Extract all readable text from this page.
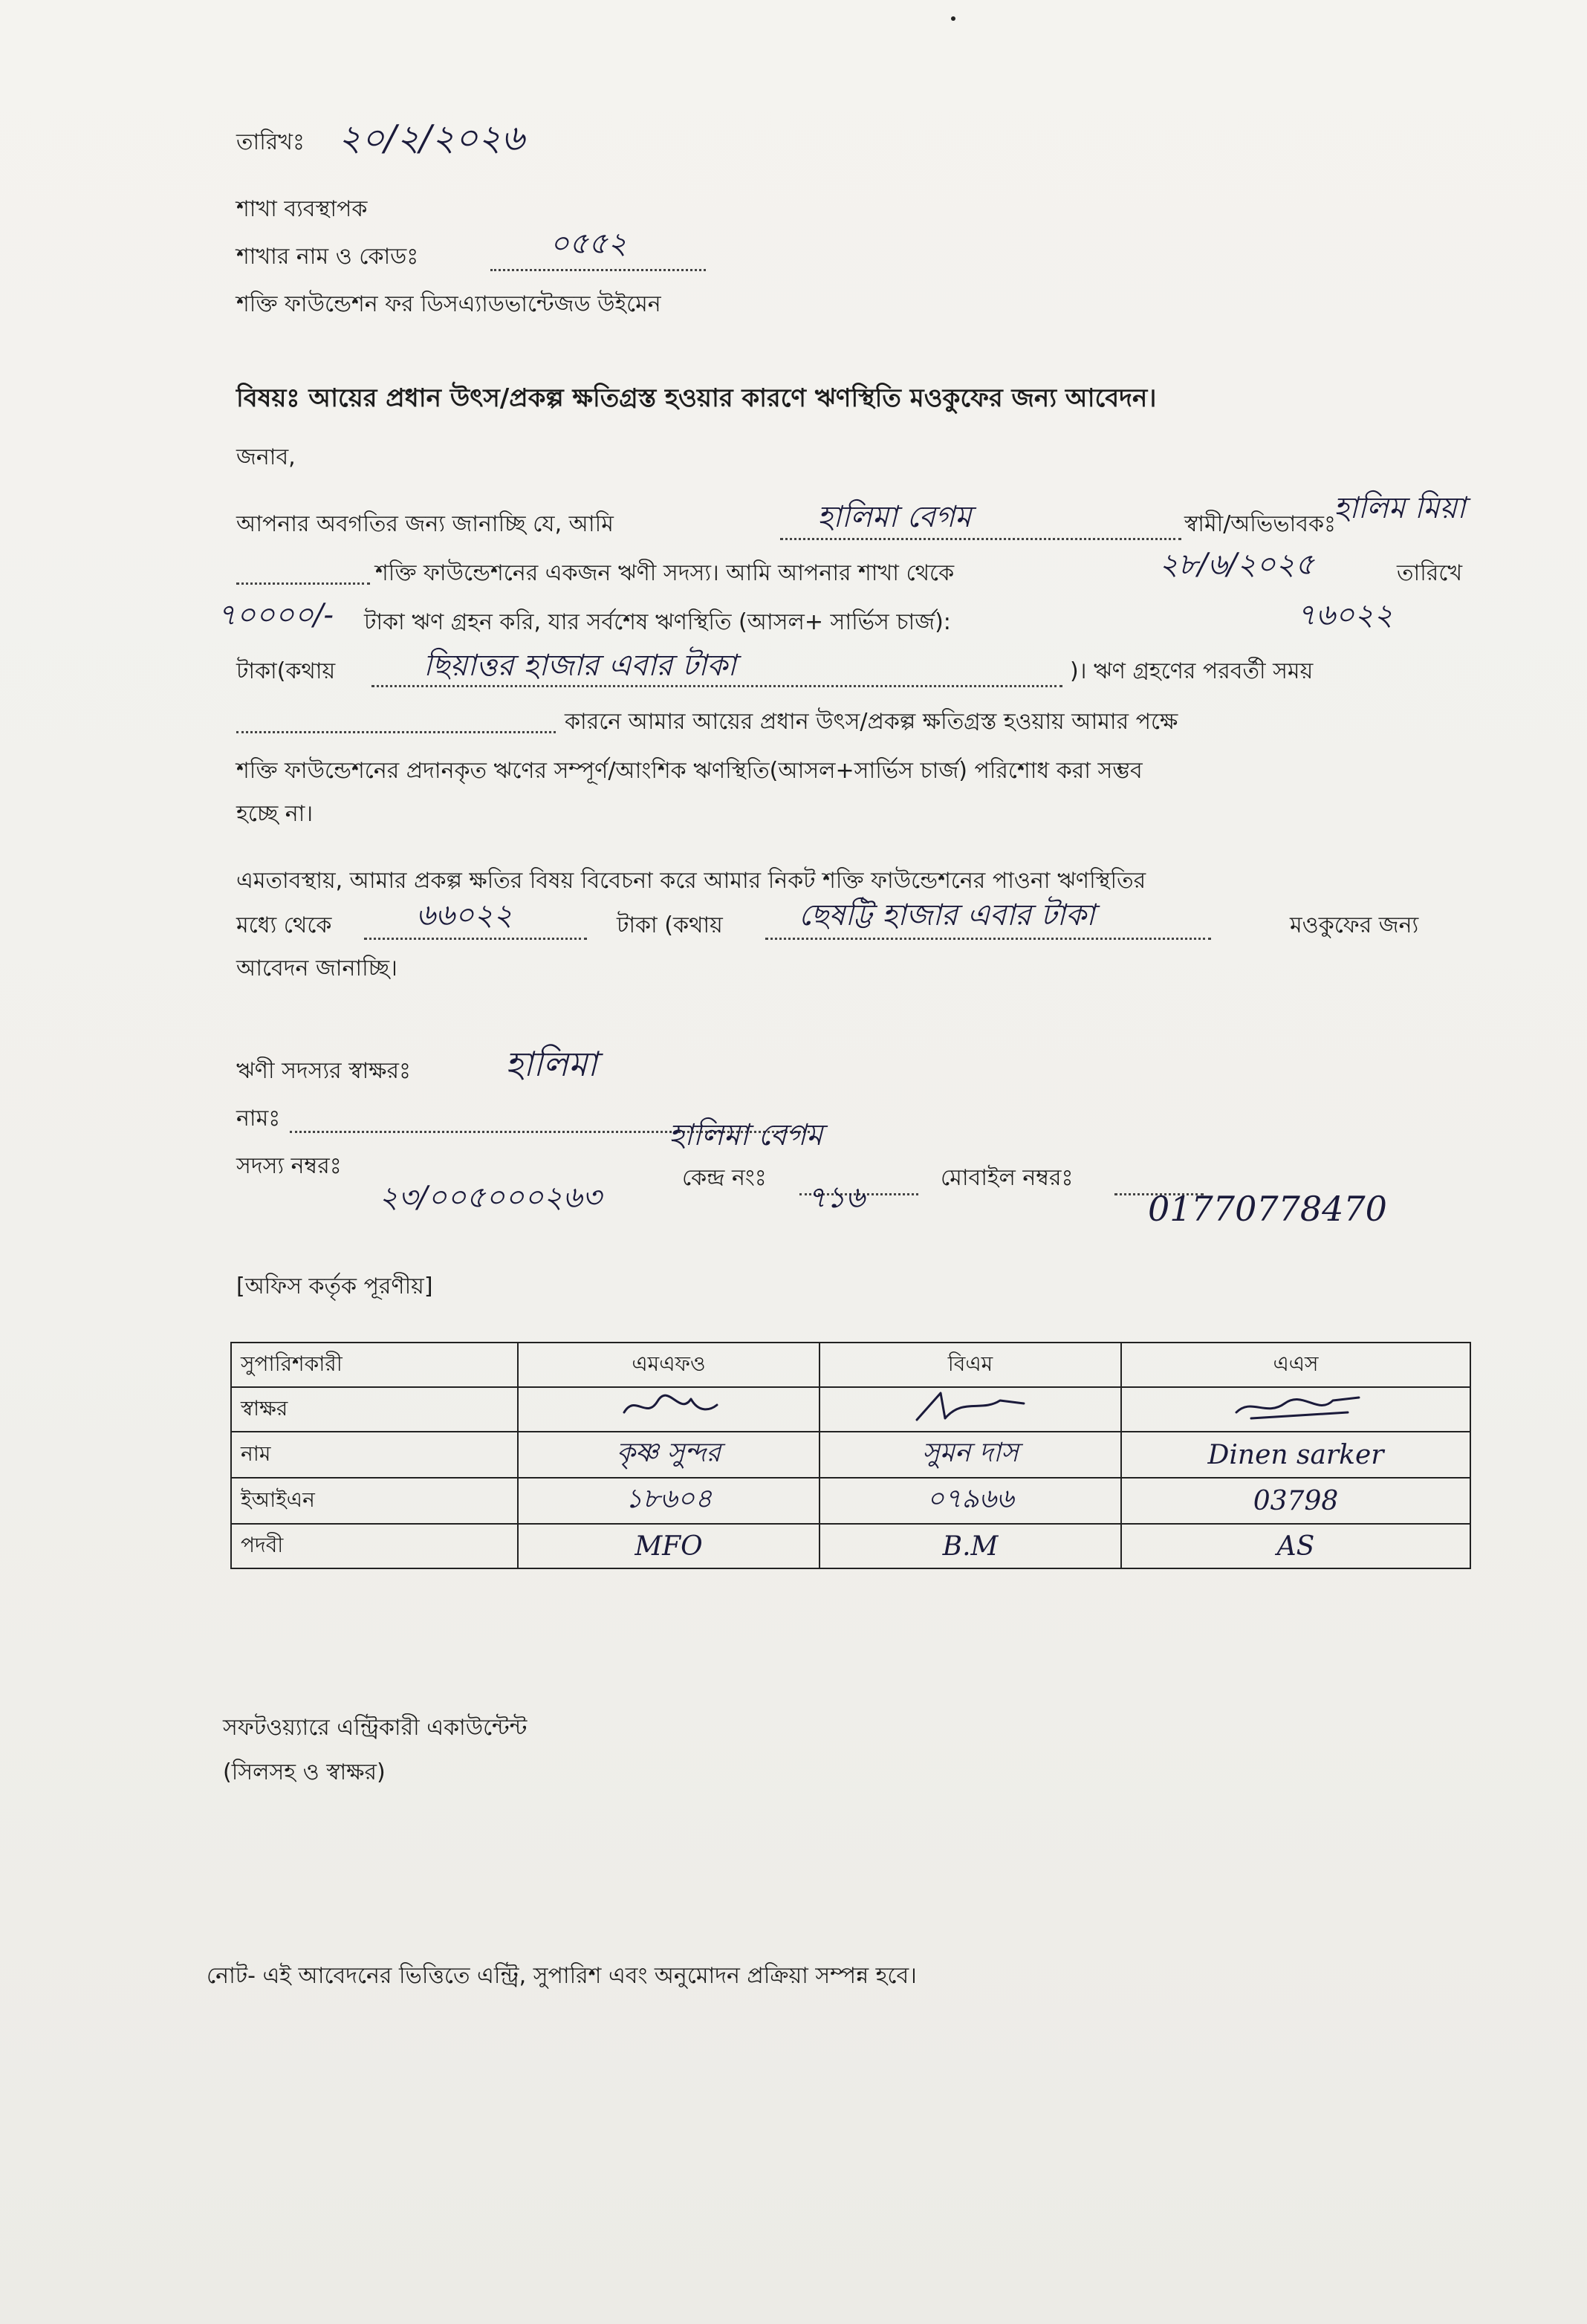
তারিখঃ ২০/২/২০২৬
শাখা ব্যবস্থাপক
শাখার নাম ও কোডঃ	০৫৫২
শক্তি ফাউন্ডেশন ফর ডিসএ্যাডভান্টেজড উইমেন
বিষয়ঃ আয়ের প্রধান উৎস/প্রকল্প ক্ষতিগ্রস্ত হওয়ার কারণে ঋণস্থিতি মওকুফের জন্য আবেদন।
জনাব,
আপনার অবগতির জন্য জানাচ্ছি যে, আমি	হালিমা বেগম	স্বামী/অভিভাবকঃ
হালিম মিয়া
শক্তি ফাউন্ডেশনের একজন ঋণী সদস্য। আমি আপনার শাখা থেকে	২৮/৬/২০২৫	তারিখে
৭০০০০/- টাকা ঋণ গ্রহন করি, যার সর্বশেষ ঋণস্থিতি (আসল+ সার্ভিস চার্জ):	৭৬০২২
টাকা(কথায়	ছিয়াত্তর হাজার এবার টাকা	)। ঋণ গ্রহণের পরবর্তী সময়
কারনে আমার আয়ের প্রধান উৎস/প্রকল্প ক্ষতিগ্রস্ত হওয়ায় আমার পক্ষে
শক্তি ফাউন্ডেশনের প্রদানকৃত ঋণের সম্পূর্ণ/আংশিক ঋণস্থিতি(আসল+সার্ভিস চার্জ) পরিশোধ করা সম্ভব
হচ্ছে না।
এমতাবস্থায়, আমার প্রকল্প ক্ষতির বিষয় বিবেচনা করে আমার নিকট শক্তি ফাউন্ডেশনের পাওনা ঋণস্থিতির
মধ্যে থেকে	৬৬০২২	টাকা (কথায়	ছেষট্টি হাজার এবার টাকা	মওকুফের জন্য
আবেদন জানাচ্ছি।
ঋণী সদস্যর স্বাক্ষরঃ	হালিমা
নামঃ	হালিমা বেগম
সদস্য নম্বরঃ
২৩/০০৫০০০২৬৩
কেন্দ্র নংঃ
৭১৬
মোবাইল নম্বরঃ
01770778470
[অফিস কর্তৃক পূরণীয়]
সুপারিশকারী	এমএফও	বিএম	এএস
স্বাক্ষর			
নাম	কৃষ্ণ সুন্দর	সুমন দাস	Dinen sarker
ইআইএন	১৮৬০৪	০৭৯৬৬	03798
পদবী	MFO	B.M	AS
সফটওয়্যারে এন্ট্রিকারী একাউন্টেন্ট
(সিলসহ ও স্বাক্ষর)
নোট- এই আবেদনের ভিত্তিতে এন্ট্রি, সুপারিশ এবং অনুমোদন প্রক্রিয়া সম্পন্ন হবে।
